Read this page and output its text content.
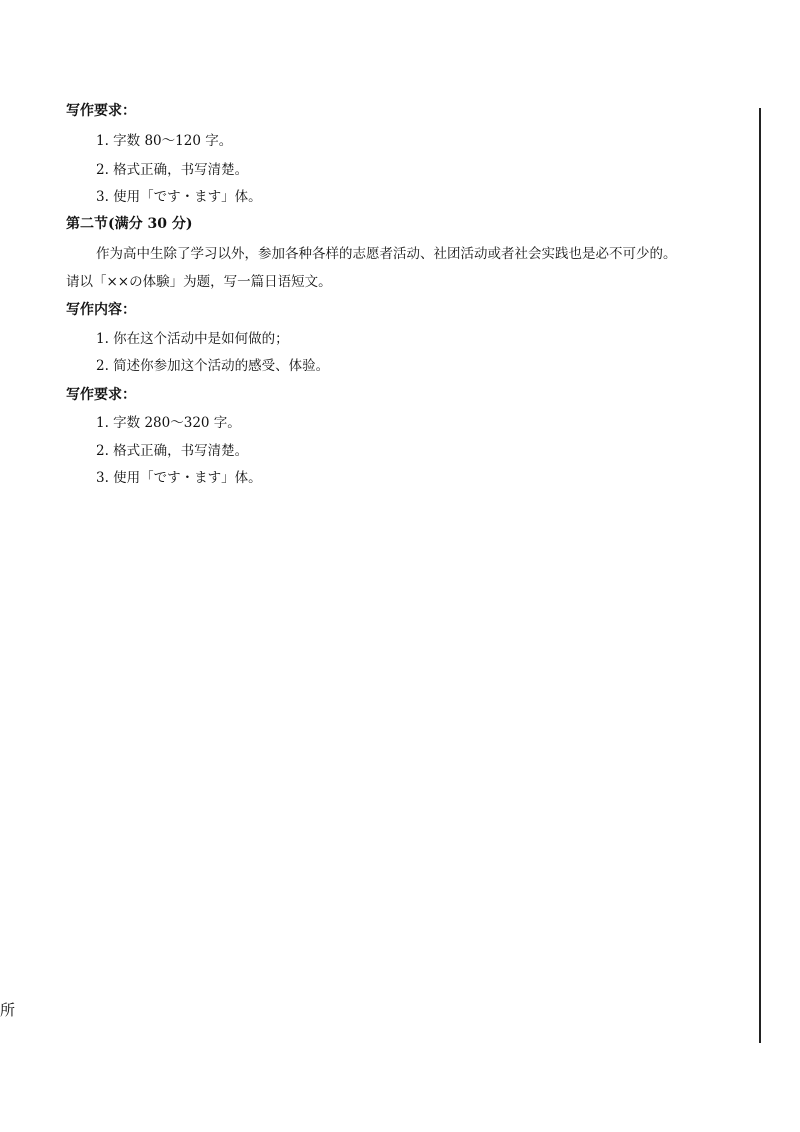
写作要求：
1. 字数 80～120 字。
2. 格式正确，书写清楚。
3. 使用「です・ます」体。
第二节(满分 30 分)
作为高中生除了学习以外，参加各种各样的志愿者活动、社团活动或者社会实践也是必不可少的。
请以「××の体験」为题，写一篇日语短文。
写作内容：
1. 你在这个活动中是如何做的；
2. 简述你参加这个活动的感受、体验。
写作要求：
1. 字数 280～320 字。
2. 格式正确，书写清楚。
3. 使用「です・ます」体。
所
